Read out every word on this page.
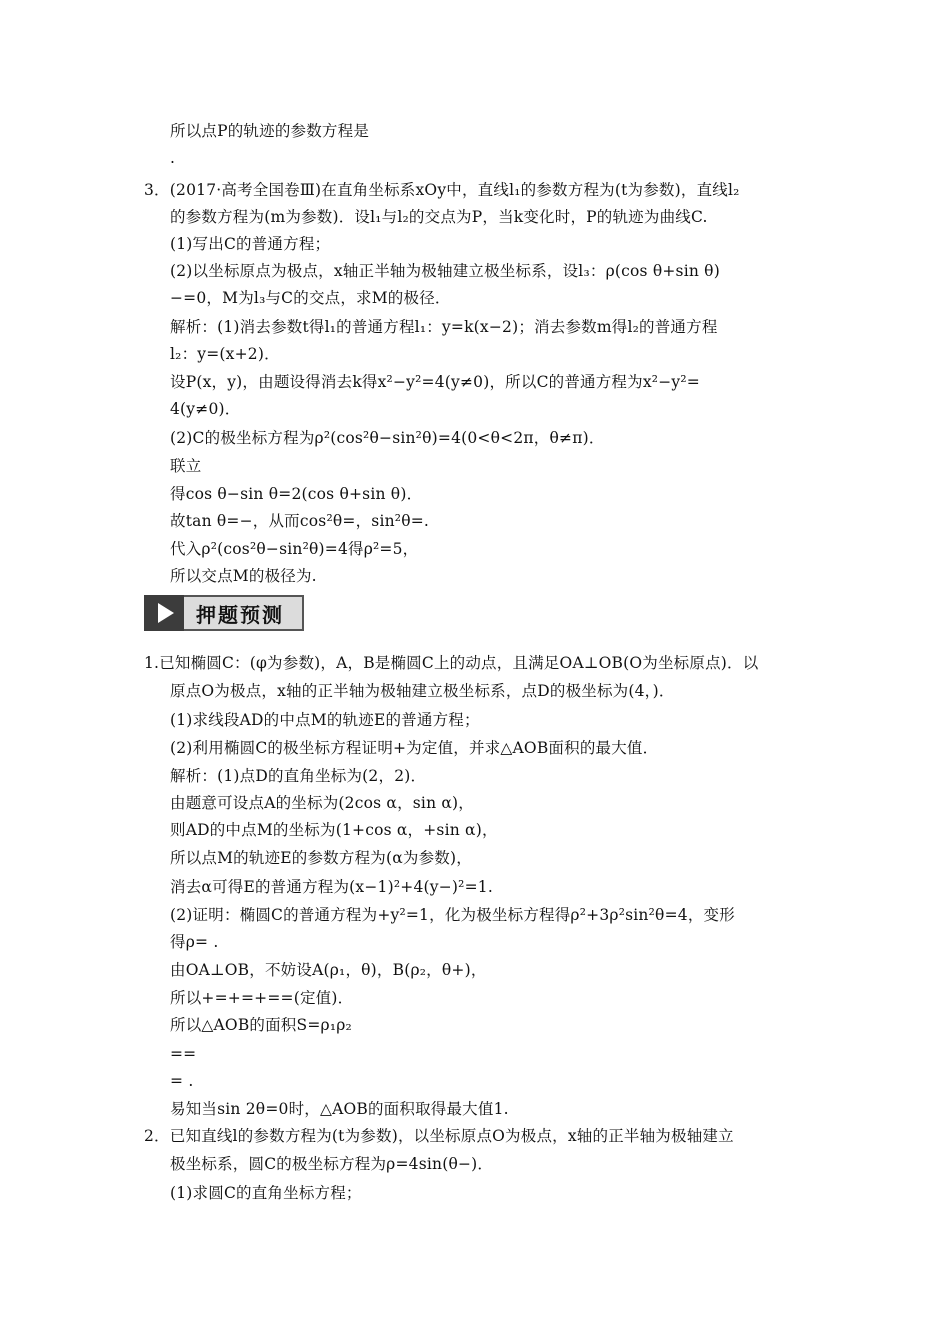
所以点P的轨迹的参数方程是
.
3．(2017·高考全国卷Ⅲ)在直角坐标系xOy中，直线l₁的参数方程为(t为参数)，直线l₂
的参数方程为(m为参数)．设l₁与l₂的交点为P，当k变化时，P的轨迹为曲线C.
(1)写出C的普通方程；
(2)以坐标原点为极点，x轴正半轴为极轴建立极坐标系，设l₃：ρ(cos θ+sin θ)
−=0，M为l₃与C的交点，求M的极径．
解析：(1)消去参数t得l₁的普通方程l₁：y=k(x−2)；消去参数m得l₂的普通方程
l₂：y=(x+2)．
设P(x，y)，由题设得消去k得x²−y²=4(y≠0)，所以C的普通方程为x²−y²=
4(y≠0)．
(2)C的极坐标方程为ρ²(cos²θ−sin²θ)=4(0<θ<2π，θ≠π)．
联立
得cos θ−sin θ=2(cos θ+sin θ)．
故tan θ=−，从而cos²θ=，sin²θ=.
代入ρ²(cos²θ−sin²θ)=4得ρ²=5，
所以交点M的极径为.
押题预测
1.已知椭圆C：(φ为参数)，A，B是椭圆C上的动点，且满足OA⊥OB(O为坐标原点)．以
原点O为极点，x轴的正半轴为极轴建立极坐标系，点D的极坐标为(4，)．
(1)求线段AD的中点M的轨迹E的普通方程；
(2)利用椭圆C的极坐标方程证明+为定值，并求△AOB面积的最大值．
解析：(1)点D的直角坐标为(2，2)．
由题意可设点A的坐标为(2cos α，sin α)，
则AD的中点M的坐标为(1+cos α，+sin α)，
所以点M的轨迹E的参数方程为(α为参数)，
消去α可得E的普通方程为(x−1)²+4(y−)²=1.
(2)证明：椭圆C的普通方程为+y²=1，化为极坐标方程得ρ²+3ρ²sin²θ=4，变形
得ρ= .
由OA⊥OB，不妨设A(ρ₁，θ)，B(ρ₂，θ+)，
所以+=+=+==(定值)．
所以△AOB的面积S=ρ₁ρ₂
==
= .
易知当sin 2θ=0时，△AOB的面积取得最大值1.
2．已知直线l的参数方程为(t为参数)，以坐标原点O为极点，x轴的正半轴为极轴建立
极坐标系，圆C的极坐标方程为ρ=4sin(θ−)．
(1)求圆C的直角坐标方程；
